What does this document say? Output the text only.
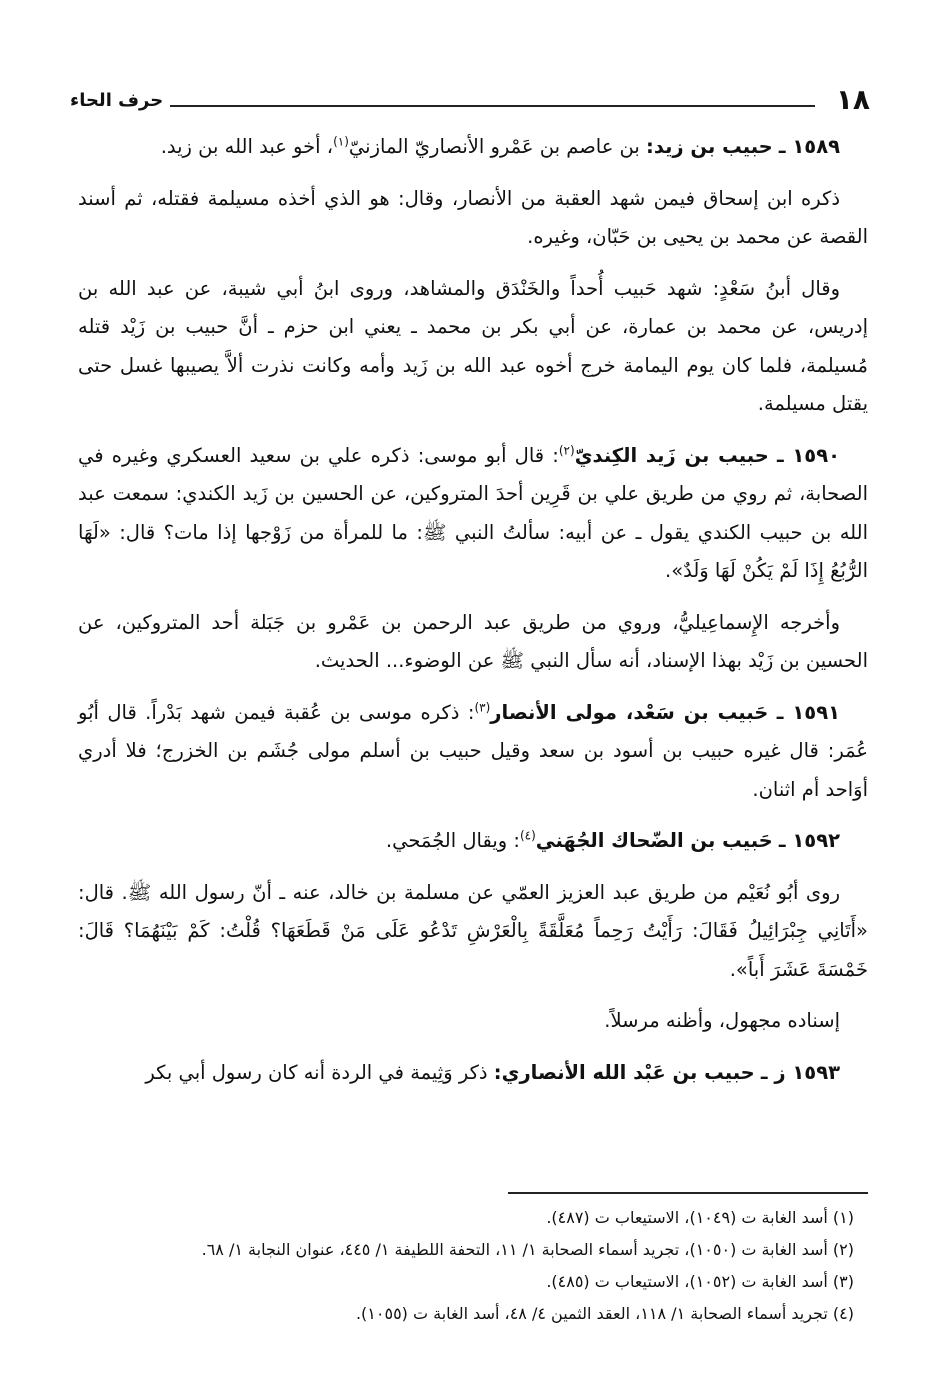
١٨
حرف الحاء

١٥٨٩ ـ حبيب بن زيد: بن عاصم بن عَمْرو الأنصاريّ المازنيّ$^{(١)}$، أخو عبد الله بن زيد.

ذكره ابن إسحاق فيمن شهد العقبة من الأنصار، وقال: هو الذي أخذه مسيلمة فقتله، ثم أسند القصة عن محمد بن يحيى بن حَبّان، وغيره.

وقال أبنُ سَعْدٍ: شهد حَبيب أُحداً والخَنْدَق والمشاهد، وروى ابنُ أبي شيبة، عن عبد الله بن إدريس، عن محمد بن عمارة، عن أبي بكر بن محمد ـ يعني ابن حزم ـ أنَّ حبيب بن زَيْد قتله مُسيلمة، فلما كان يوم اليمامة خرج أخوه عبد الله بن زَيد وأمه وكانت نذرت ألاَّ يصيبها غسل حتى يقتل مسيلمة.

١٥٩٠ ـ حبيب بن زَيد الكِنديّ$^{(٢)}$: قال أبو موسى: ذكره علي بن سعيد العسكري وغيره في الصحابة، ثم روي من طريق علي بن قَرِين أحدَ المتروكين، عن الحسين بن زَيد الكندي: سمعت عبد الله بن حبيب الكندي يقول ـ عن أبيه: سألتُ النبي ﷺ: ما للمرأة من زَوْجها إذا مات؟ قال: «لَهَا الرُّبُعُ إِذَا لَمْ يَكُنْ لَهَا وَلَدٌ».

وأخرجه الإِسماعِيليُّ، وروي من طريق عبد الرحمن بن عَمْرو بن جَبَلة أحد المتروكين، عن الحسين بن زَيْد بهذا الإسناد، أنه سأل النبي ﷺ عن الوضوء... الحديث.

١٥٩١ ـ حَبيب بن سَعْد، مولى الأنصار$^{(٣)}$: ذكره موسى بن عُقبة فيمن شهد بَدْراً. قال أبُو عُمَر: قال غيره حبيب بن أسود بن سعد وقيل حبيب بن أسلم مولى جُشَم بن الخزرج؛ فلا أدري أوَاحد أم اثنان.

١٥٩٢ ـ حَبيب بن الضّحاك الجُهَني$^{(٤)}$: ويقال الجُمَحي.

روى أبُو نُعَيْم من طريق عبد العزيز العمّي عن مسلمة بن خالد، عنه ـ أنّ رسول الله ﷺ. قال: «أَتَانِي جِبْرَائِيلُ فَقَالَ: رَأَيْتُ رَحِماً مُعَلَّقَةً بِالْعَرْشِ تَدْعُو عَلَى مَنْ قَطَعَهَا؟ قُلْتُ: كَمْ بَيْنَهُمَا؟ قَالَ: خَمْسَةَ عَشَرَ أَباً».

إسناده مجهول، وأظنه مرسلاً.

١٥٩٣ ز ـ حبيب بن عَبْد الله الأنصاري: ذكر وَثِيمة في الردة أنه كان رسول أبي بكر

(١) أسد الغابة ت (١٠٤٩)، الاستيعاب ت (٤٨٧).
(٢) أسد الغابة ت (١٠٥٠)، تجريد أسماء الصحابة ١/ ١١، التحفة اللطيفة ١/ ٤٤٥، عنوان النجابة ١/ ٦٨.
(٣) أسد الغابة ت (١٠٥٢)، الاستيعاب ت (٤٨٥).
(٤) تجريد أسماء الصحابة ١/ ١١٨، العقد الثمين ٤/ ٤٨، أسد الغابة ت (١٠٥٥).
